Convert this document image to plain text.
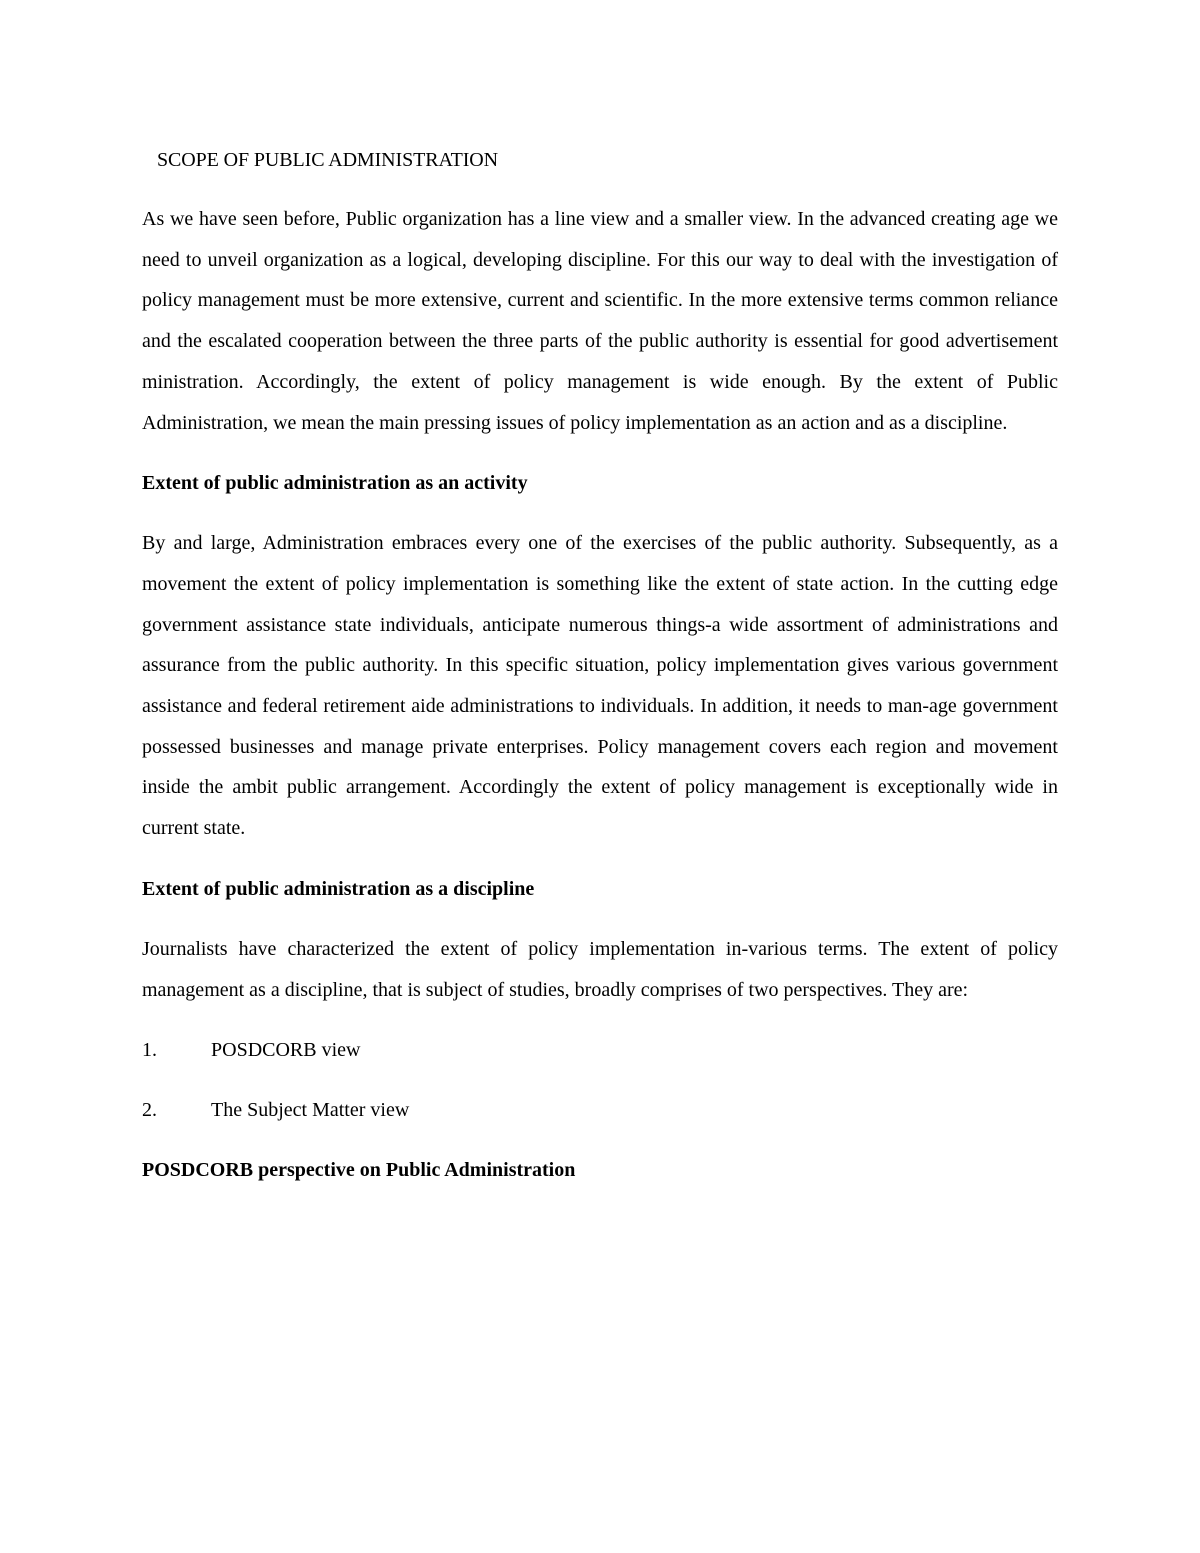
SCOPE OF PUBLIC ADMINISTRATION

As we have seen before, Public organization has a line view and a smaller view. In the advanced creating age we need to unveil organization as a logical, developing discipline. For this our way to deal with the investigation of policy management must be more extensive, current and scientific. In the more extensive terms common reliance and the escalated cooperation between the three parts of the public authority is essential for good advertisement ministration. Accordingly, the extent of policy management is wide enough. By the extent of Public Administration, we mean the main pressing issues of policy implementation as an action and as a discipline.

Extent of public administration as an activity

By and large, Administration embraces every one of the exercises of the public authority. Subsequently, as a movement the extent of policy implementation is something like the extent of state action. In the cutting edge government assistance state individuals, anticipate numerous things-a wide assortment of administrations and assurance from the public authority. In this specific situation, policy implementation gives various government assistance and federal retirement aide administrations to individuals. In addition, it needs to man-age government possessed businesses and manage private enterprises. Policy management covers each region and movement inside the ambit public arrangement. Accordingly the extent of policy management is exceptionally wide in current state.

Extent of public administration as a discipline

Journalists have characterized the extent of policy implementation in-various terms. The extent of policy management as a discipline, that is subject of studies, broadly comprises of two perspectives. They are:

1.	POSDCORB view
2.	The Subject Matter view
POSDCORB perspective on Public Administration
